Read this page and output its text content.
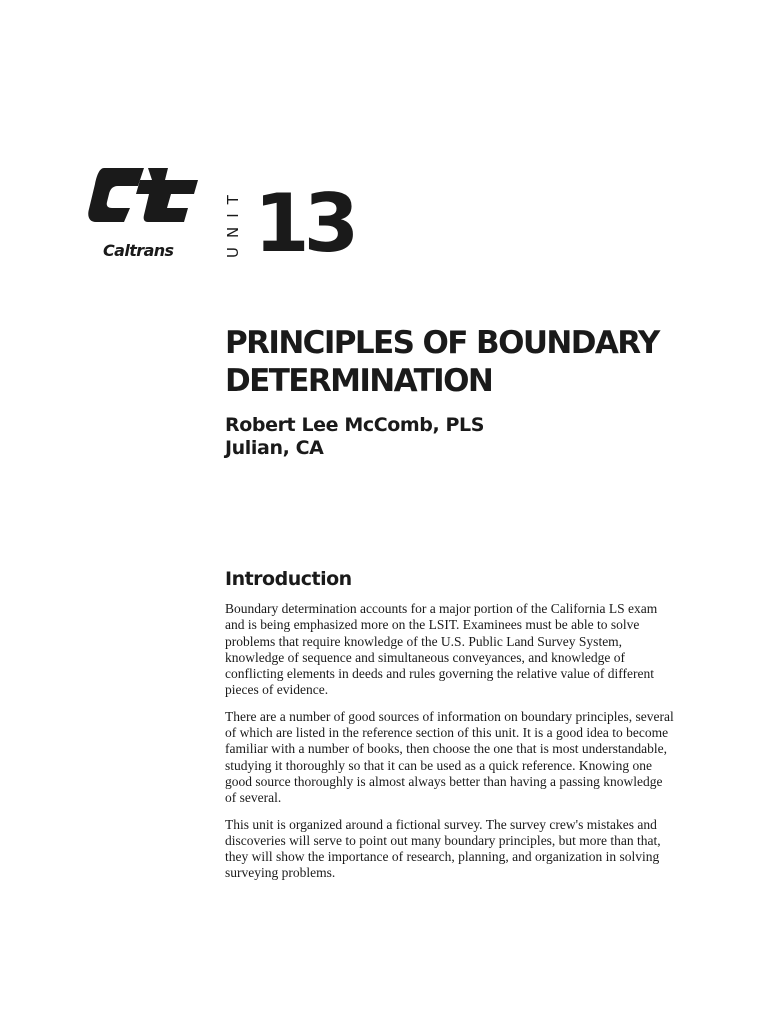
Caltrans	UNIT 13
PRINCIPLES OF BOUNDARY
DETERMINATION
Robert Lee McComb, PLS
Julian, CA
Introduction

Boundary determination accounts for a major portion of the California LS exam and is being emphasized more on the LSIT. Examinees must be able to solve problems that require knowledge of the U.S. Public Land Survey System, knowledge of sequence and simultaneous conveyances, and knowledge of conflicting elements in deeds and rules governing the relative value of different pieces of evidence.

There are a number of good sources of information on boundary principles, several of which are listed in the reference section of this unit. It is a good idea to become familiar with a number of books, then choose the one that is most understandable, studying it thoroughly so that it can be used as a quick reference. Knowing one good source thoroughly is almost always better than having a passing knowledge of several.

This unit is organized around a fictional survey. The survey crew's mistakes and discoveries will serve to point out many boundary principles, but more than that, they will show the importance of research, planning, and organization in solving surveying problems.
